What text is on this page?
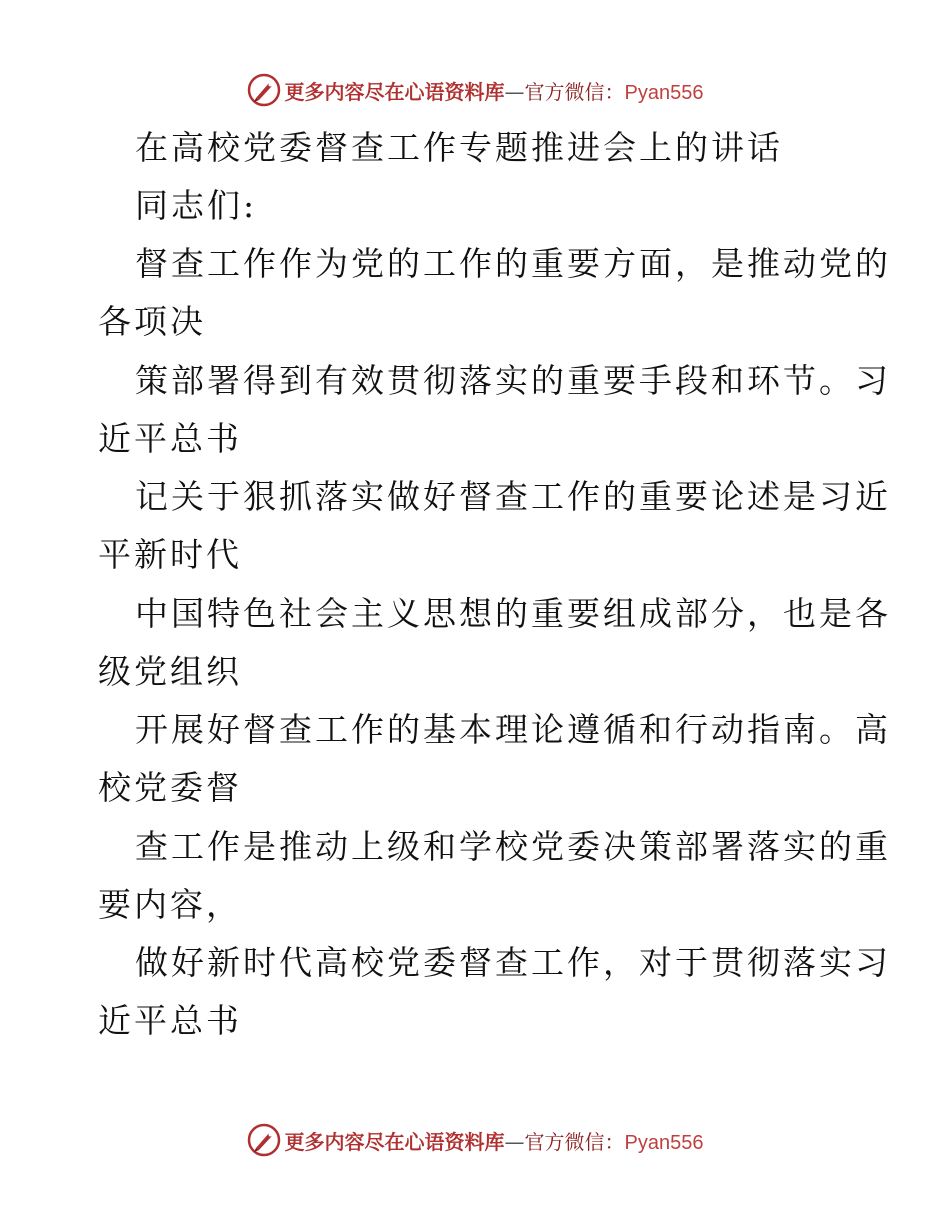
更多内容尽在心语资料库—官方微信：Pyan556
在高校党委督查工作专题推进会上的讲话
同志们:
督查工作作为党的工作的重要方面，是推动党的
各项决
策部署得到有效贯彻落实的重要手段和环节。习
近平总书
记关于狠抓落实做好督查工作的重要论述是习近
平新时代
中国特色社会主义思想的重要组成部分，也是各
级党组织
开展好督查工作的基本理论遵循和行动指南。高
校党委督
查工作是推动上级和学校党委决策部署落实的重
要内容，
做好新时代高校党委督查工作，对于贯彻落实习
近平总书
更多内容尽在心语资料库—官方微信：Pyan556
